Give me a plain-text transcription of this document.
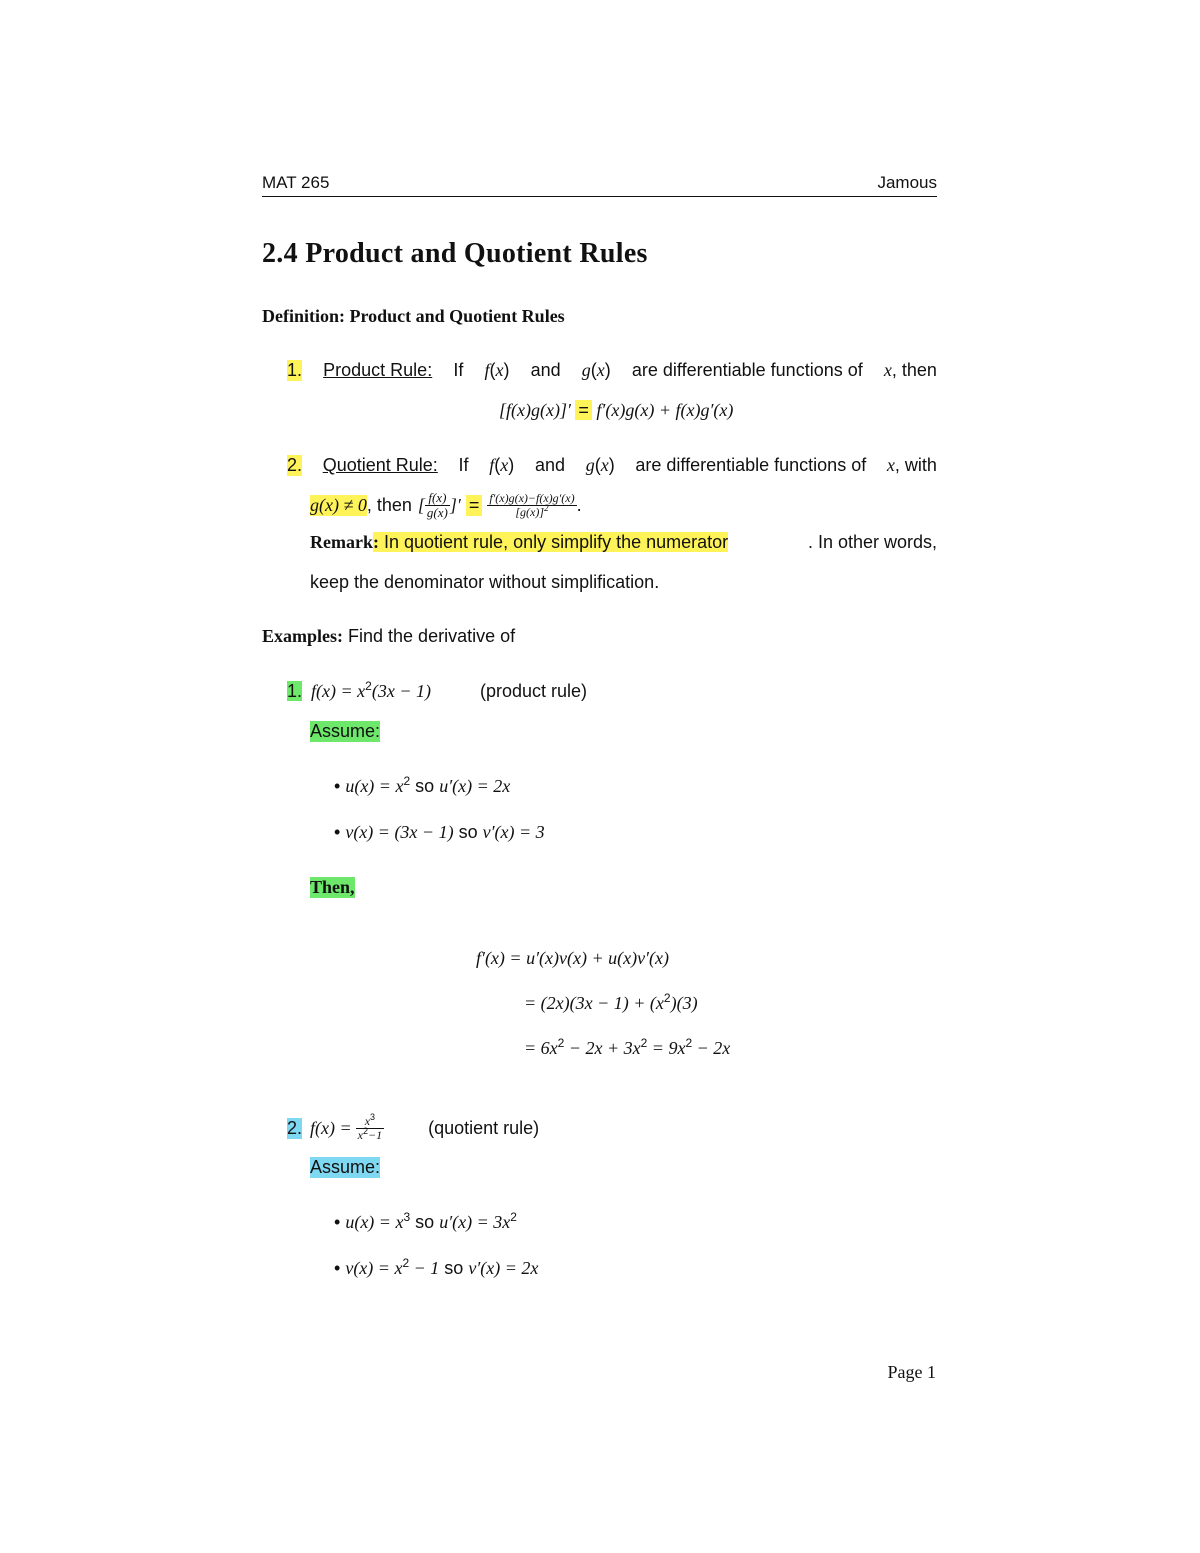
MAT 265	Jamous
2.4 Product and Quotient Rules
Definition: Product and Quotient Rules
1. Product Rule: If f(x) and g(x) are differentiable functions of x, then
[f(x)g(x)]′ = f′(x)g(x) + f(x)g′(x)
2. Quotient Rule: If f(x) and g(x) are differentiable functions of x, with
g(x) ≠ 0 , then [ $\frac{f(x)}{g(x)}$ ]′ = $\frac{f'(x)g(x)-f(x)g'(x)}{[g(x)]^2}$ .
Remark: In quotient rule, only simplify the numerator	. In other words,
keep the denominator without simplification.
Examples: Find the derivative of
1. $f(x) = x^2(3x - 1)$	(product rule)
Assume:
• $u(x) = x^2$ so u′(x) = 2x
• v(x) = (3x − 1) so v′(x) = 3
Then,
f′(x) = u′(x)v(x) + u(x)v′(x)
= $(2x)(3x - 1) + (x^2)(3)$
= $6x^2 - 2x + 3x^2 = 9x^2 - 2x$
2. $f(x) = \frac{x^3}{x^2-1}$ (quotient rule)
Assume:
• $u(x) = x^3$ so $u'(x) = 3x^2$
• $v(x) = x^2 - 1$ so v′(x) = 2x
Page 1
